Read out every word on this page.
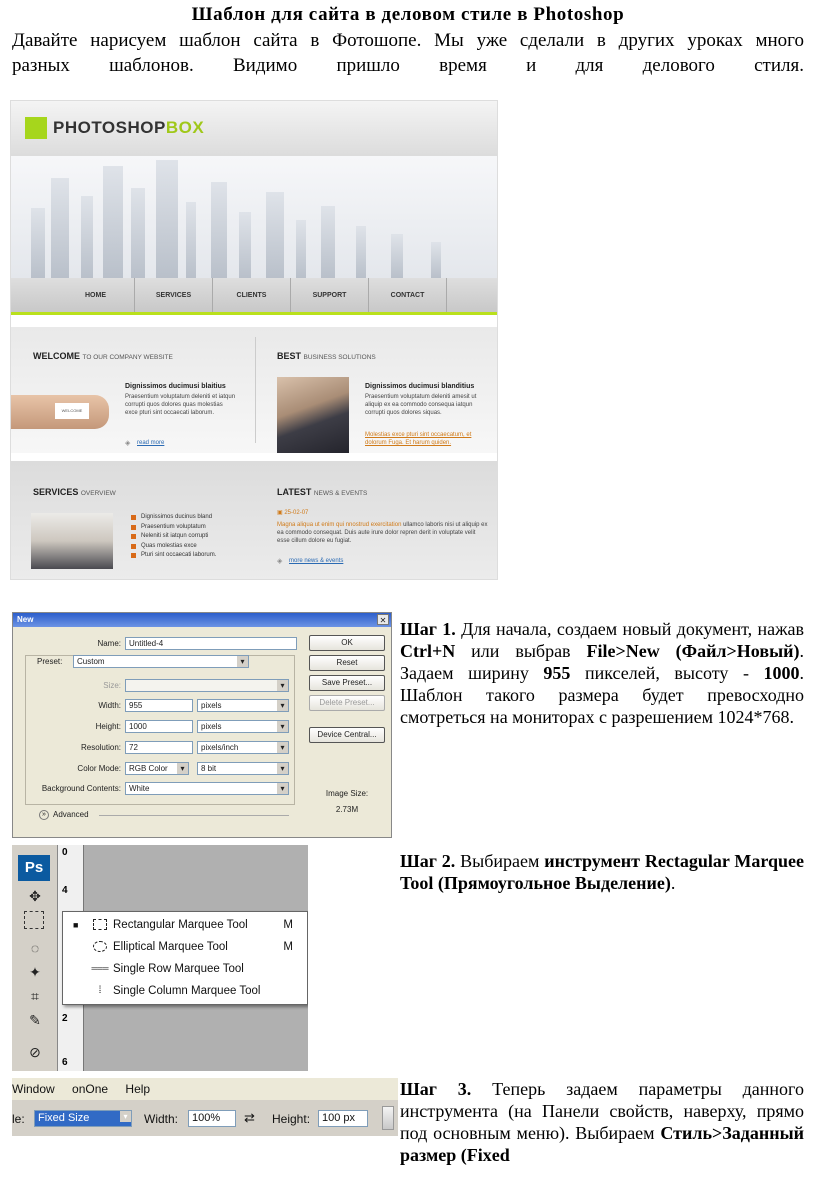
Шаблон для сайта в деловом стиле в Photoshop
Давайте нарисуем шаблон сайта в Фотошопе. Мы уже сделали в других уроках много
разных шаблонов. Видимо пришло время и для делового стиля.
PHOTOSHOPBOX
HOME	SERVICES	CLIENTS	SUPPORT	CONTACT
WELCOME TO OUR COMPANY WEBSITE
WELCOME
Dignissimos ducimusi blaitius
Praesentium voluptatum deleniti et iatqun corrupti quos dolores quas molestias exce pturi sint occaecati laborum.
◈ read more
BEST BUSINESS SOLUTIONS
Dignissimos ducimusi blanditius
Praesentium voluptatum deleniti amesit ut aliquip ex ea commodo consequa iatqun corrupti quos dolores siquas.
Molestias exce pturi sint occaecatum, et dolorum Fuga. Et harum quiden.
SERVICES OVERVIEW
Dignissimos ducinus bland
Praesentium voluptatum
Neleniti sit iatqun corrupti
Quas molestias exce
Pturi sint occaecati laborum.
LATEST NEWS & EVENTS
▣ 25-02-07
Magna aliqua ut enim qui nnostrud exercitation ullamco laboris nisi ut aliquip ex ea commodo consequat. Duis aute irure dolor repren derit in voluptate velit esse cillum dolore eu fugiat.
◈ more news & events
New	✕
Name:	Untitled-4
Preset:	Custom ▾
Size:
▾
Width:	955	pixels ▾
Height:	1000	pixels ▾
Resolution:	72	pixels/inch ▾
Color Mode:	RGB Color ▾	8 bit ▾
Background Contents:	White ▾
» Advanced
OK
Reset
Save Preset...
Delete Preset...
Device Central...
Image Size:
2.73M
Шаг 1. Для начала, создаем новый документ, нажав Ctrl+N или выбрав File>New (Файл>Новый). Задаем ширину 955 пикселей, высоту - 1000. Шаблон такого размера будет превосходно смотреться на мониторах с разрешением 1024*768.
Ps
✥
◌
✦
⌗
✎
⊘
0
4
2
6
■	Rectangular Marquee Tool	M
Elliptical Marquee Tool	M
═══ Single Row Marquee Tool
⁞	Single Column Marquee Tool
Шаг 2. Выбираем инструмент Rectagular Marquee Tool (Прямоугольное Выделение).
Window onOne Help
le:	Fixed Size ▾	Width:	100%	⇄ Height:	100 px
Шаг 3. Теперь задаем параметры данного инструмента (на Панели свойств, наверху, прямо под основным меню). Выбираем Стиль>Заданный размер (Fixed
